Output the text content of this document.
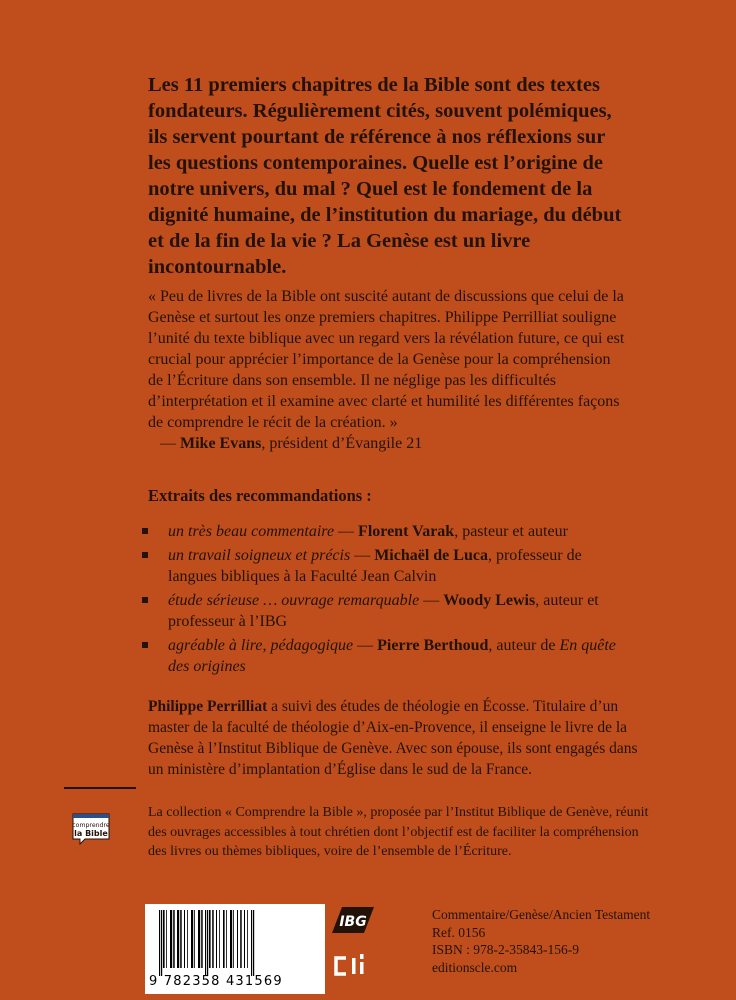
Les 11 premiers chapitres de la Bible sont des textes fondateurs. Régulièrement cités, souvent polémiques, ils servent pourtant de référence à nos réflexions sur les questions contemporaines. Quelle est l’origine de notre univers, du mal ? Quel est le fondement de la dignité humaine, de l’institution du mariage, du début et de la fin de la vie ? La Genèse est un livre incontournable.
« Peu de livres de la Bible ont suscité autant de discussions que celui de la Genèse et surtout les onze premiers chapitres. Philippe Perrilliat souligne l’unité du texte biblique avec un regard vers la révélation future, ce qui est crucial pour apprécier l’importance de la Genèse pour la compréhension de l’Écriture dans son ensemble. Il ne néglige pas les difficultés d’interprétation et il examine avec clarté et humilité les différentes façons de comprendre le récit de la création. »
— Mike Evans, président d’Évangile 21
Extraits des recommandations :
un très beau commentaire — Florent Varak, pasteur et auteur
un travail soigneux et précis — Michaël de Luca, professeur de langues bibliques à la Faculté Jean Calvin
étude sérieuse … ouvrage remarquable — Woody Lewis, auteur et professeur à l’IBG
agréable à lire, pédagogique — Pierre Berthoud, auteur de En quête des origines
Philippe Perrilliat a suivi des études de théologie en Écosse. Titulaire d’un master de la faculté de théologie d’Aix-en-Provence, il enseigne le livre de la Genèse à l’Institut Biblique de Genève. Avec son épouse, ils sont engagés dans un ministère d’implantation d’Église dans le sud de la France.
comprendre
la Bible
La collection « Comprendre la Bible », proposée par l’Institut Biblique de Genève, réunit des ouvrages accessibles à tout chrétien dont l’objectif est de faciliter la compréhension des livres ou thèmes bibliques, voire de l’ensemble de l’Écriture.
9 782358 431569
IBG	Commentaire/Genèse/Ancien Testament
Ref. 0156
ISBN : 978-2-35843-156-9
editionscle.com
